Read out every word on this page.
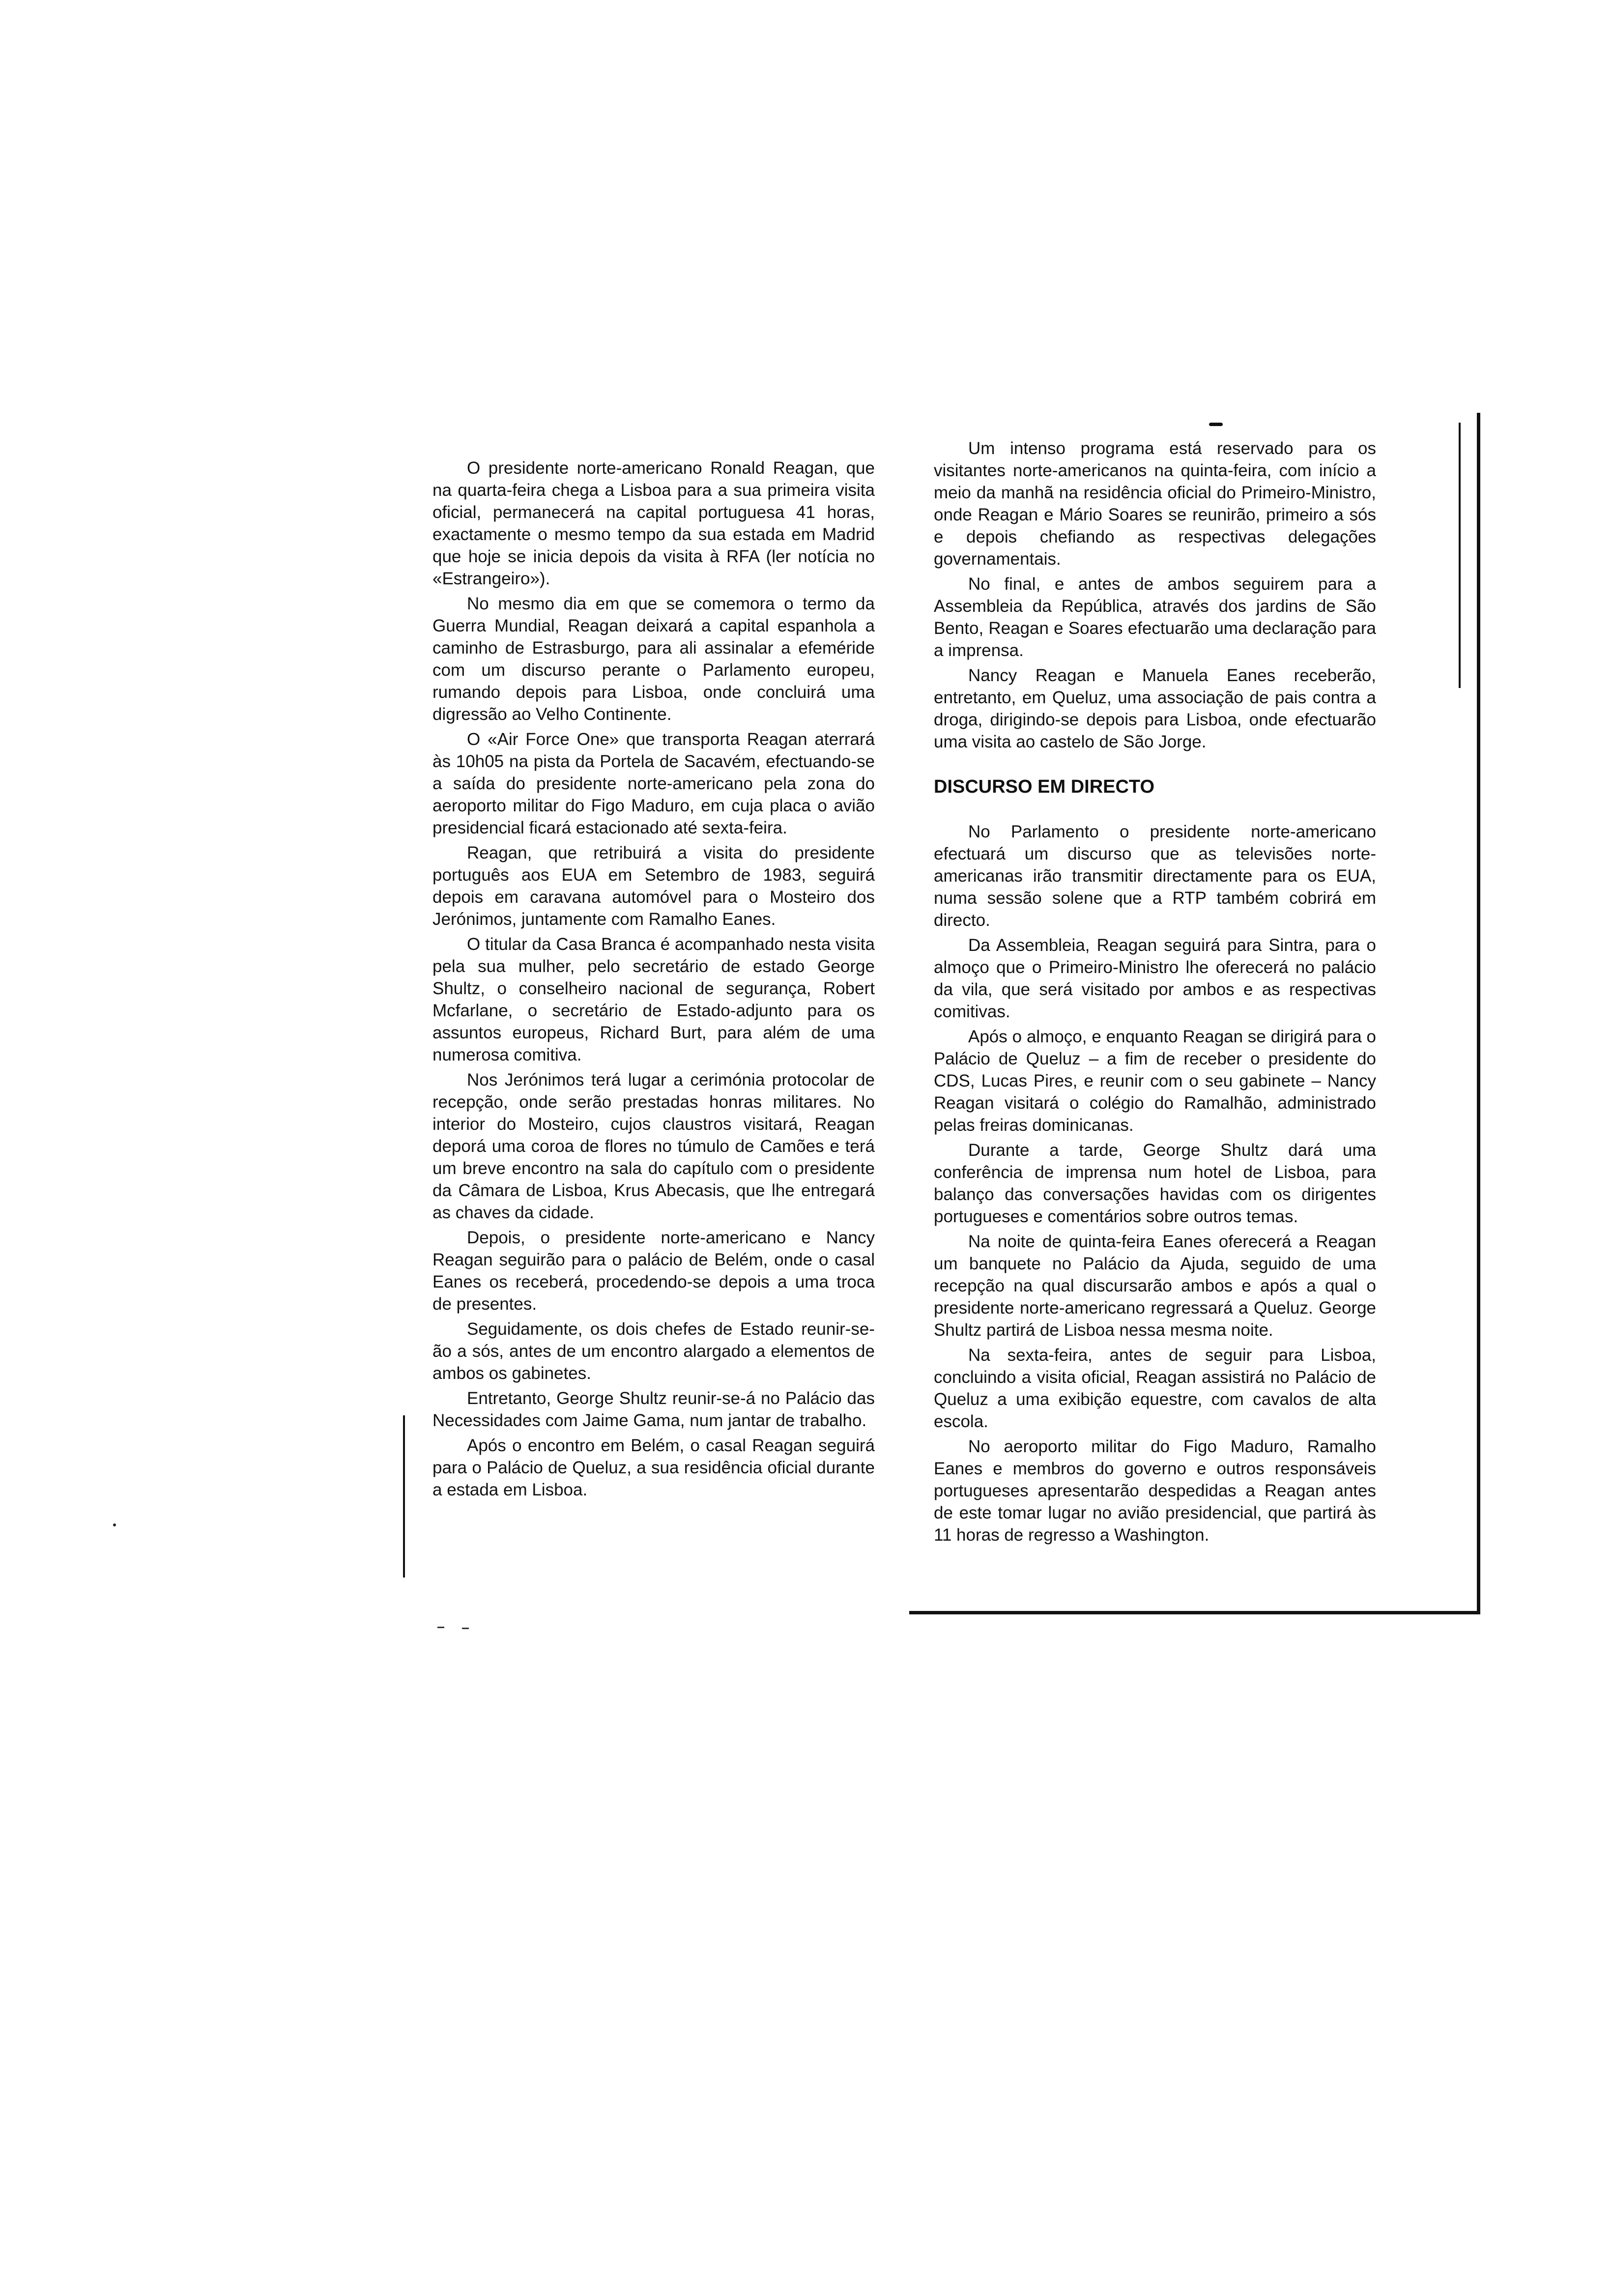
O presidente norte-americano Ronald Reagan, que na quarta-feira chega a Lisboa para a sua primeira visita oficial, permanecerá na capital portuguesa 41 horas, exactamente o mesmo tempo da sua estada em Madrid que hoje se inicia depois da visita à RFA (ler notícia no «Estrangeiro»).

No mesmo dia em que se comemora o termo da Guerra Mundial, Reagan deixará a capital espanhola a caminho de Estrasburgo, para ali assinalar a efeméride com um discurso perante o Parlamento europeu, rumando depois para Lisboa, onde concluirá uma digressão ao Velho Continente.

O «Air Force One» que transporta Reagan aterrará às 10h05 na pista da Portela de Sacavém, efectuando-se a saída do presidente norte-americano pela zona do aeroporto militar do Figo Maduro, em cuja placa o avião presidencial ficará estacionado até sexta-feira.

Reagan, que retribuirá a visita do presidente português aos EUA em Setembro de 1983, seguirá depois em caravana automóvel para o Mosteiro dos Jerónimos, juntamente com Ramalho Eanes.

O titular da Casa Branca é acompanhado nesta visita pela sua mulher, pelo secretário de estado George Shultz, o conselheiro nacional de segurança, Robert Mcfarlane, o secretário de Estado-adjunto para os assuntos europeus, Richard Burt, para além de uma numerosa comitiva.

Nos Jerónimos terá lugar a cerimónia protocolar de recepção, onde serão prestadas honras militares. No interior do Mosteiro, cujos claustros visitará, Reagan deporá uma coroa de flores no túmulo de Camões e terá um breve encontro na sala do capítulo com o presidente da Câmara de Lisboa, Krus Abecasis, que lhe entregará as chaves da cidade.

Depois, o presidente norte-americano e Nancy Reagan seguirão para o palácio de Belém, onde o casal Eanes os receberá, procedendo-se depois a uma troca de presentes.

Seguidamente, os dois chefes de Estado reunir-se-ão a sós, antes de um encontro alargado a elementos de ambos os gabinetes.

Entretanto, George Shultz reunir-se-á no Palácio das Necessidades com Jaime Gama, num jantar de trabalho.

Após o encontro em Belém, o casal Reagan seguirá para o Palácio de Queluz, a sua residência oficial durante a estada em Lisboa.

Um intenso programa está reservado para os visitantes norte-americanos na quinta-feira, com início a meio da manhã na residência oficial do Primeiro-Ministro, onde Reagan e Mário Soares se reunirão, primeiro a sós e depois chefiando as respectivas delegações governamentais.

No final, e antes de ambos seguirem para a Assembleia da República, através dos jardins de São Bento, Reagan e Soares efectuarão uma declaração para a imprensa.

Nancy Reagan e Manuela Eanes receberão, entretanto, em Queluz, uma associação de pais contra a droga, dirigindo-se depois para Lisboa, onde efectuarão uma visita ao castelo de São Jorge.

DISCURSO EM DIRECTO

No Parlamento o presidente norte-americano efectuará um discurso que as televisões norte-americanas irão transmitir directamente para os EUA, numa sessão solene que a RTP também cobrirá em directo.

Da Assembleia, Reagan seguirá para Sintra, para o almoço que o Primeiro-Ministro lhe oferecerá no palácio da vila, que será visitado por ambos e as respectivas comitivas.

Após o almoço, e enquanto Reagan se dirigirá para o Palácio de Queluz – a fim de receber o presidente do CDS, Lucas Pires, e reunir com o seu gabinete – Nancy Reagan visitará o colégio do Ramalhão, administrado pelas freiras dominicanas.

Durante a tarde, George Shultz dará uma conferência de imprensa num hotel de Lisboa, para balanço das conversações havidas com os dirigentes portugueses e comentários sobre outros temas.

Na noite de quinta-feira Eanes oferecerá a Reagan um banquete no Palácio da Ajuda, seguido de uma recepção na qual discursarão ambos e após a qual o presidente norte-americano regressará a Queluz. George Shultz partirá de Lisboa nessa mesma noite.

Na sexta-feira, antes de seguir para Lisboa, concluindo a visita oficial, Reagan assistirá no Palácio de Queluz a uma exibição equestre, com cavalos de alta escola.

No aeroporto militar do Figo Maduro, Ramalho Eanes e membros do governo e outros responsáveis portugueses apresentarão despedidas a Reagan antes de este tomar lugar no avião presidencial, que partirá às 11 horas de regresso a Washington.
